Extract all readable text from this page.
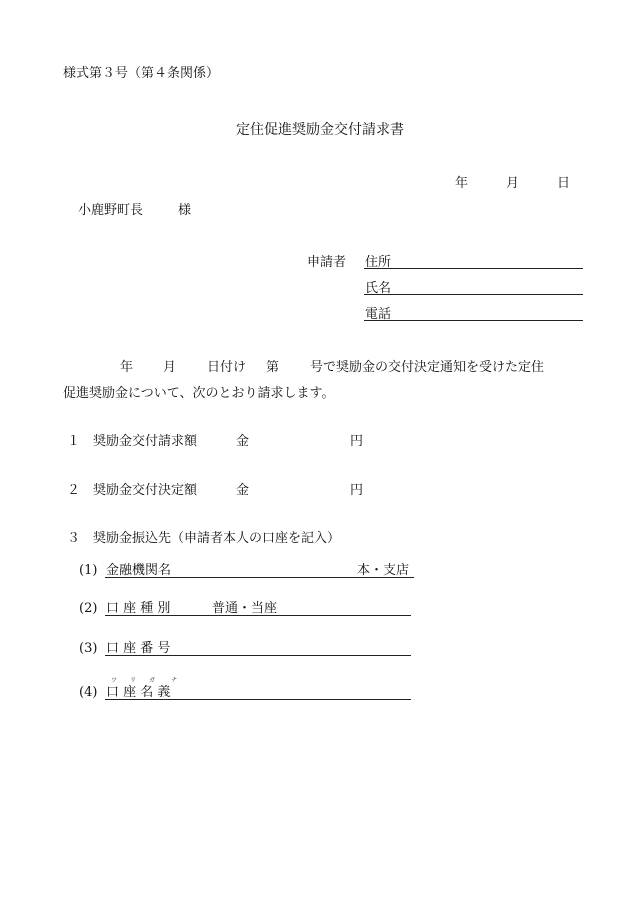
様式第３号（第４条関係）
定住促進奨励金交付請求書
年	月	日
小鹿野町長	様
申請者 住所
氏名
電話
年 月 日付け 第 号で奨励金の交付決定通知を受けた定住
促進奨励金について、次のとおり請求します。
１ 奨励金交付請求額	金	円
２ 奨励金交付決定額	金	円
３ 奨励金振込先（申請者本人の口座を記入）
(1) 金融機関名	本・支店
(2) 口 座 種 別	普通・当座
(3) 口 座 番 号
ツ リ ガ	ナ
(4) 口 座 名 義
